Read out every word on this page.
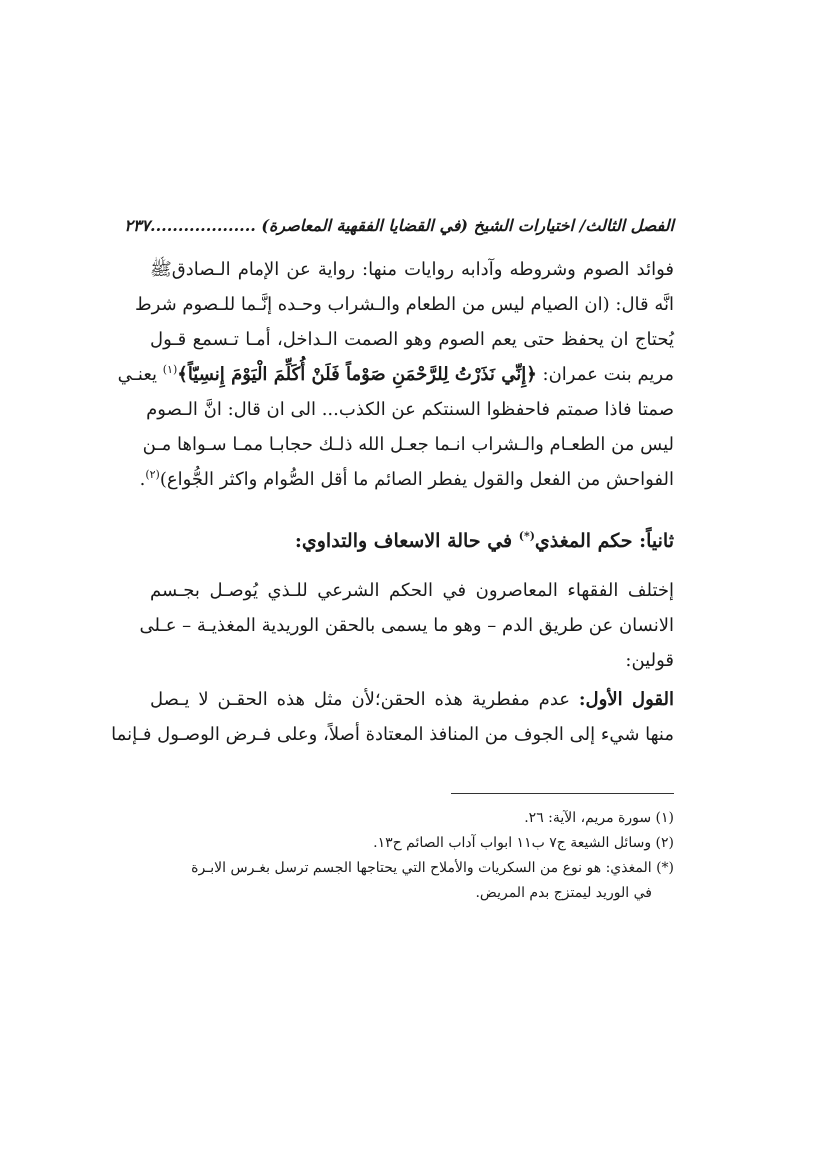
الفصل الثالث/ اختيارات الشيخ (في القضايا الفقهية المعاصرة) ...................
٢٣٧
فوائد الصوم وشروطه وآدابه روايات منها: رواية عن الإمام الـصادقﷺ
انَّه قال: (ان الصيام ليس من الطعام والـشراب وحـده إنَّـما للـصوم شرط
يُحتاج ان يحفظ حتى يعم الصوم وهو الصمت الـداخل، أمـا تـسمع قـول
مريم بنت عمران: ﴿إِنِّي نَذَرْتُ لِلرَّحْمَنِ صَوْماً فَلَنْ أُكَلِّمَ الْيَوْمَ إِنسِيّاً﴾$^{(١)}$ يعنـي
صمتا فاذا صمتم فاحفظوا السنتكم عن الكذب... الى ان قال: انَّ الـصوم
ليس من الطعـام والـشراب انـما جعـل الله ذلـك حجابـا ممـا سـواها مـن
الفواحش من الفعل والقول يفطر الصائم ما أقل الصُّوام واكثر الجُّواع)$^{(٢)}$.
ثانياً: حكم المغذي(*) في حالة الاسعاف والتداوي:
إختلف الفقهاء المعاصرون في الحكم الشرعي للـذي يُوصـل بجـسم
الانسان عن طريق الدم – وهو ما يسمى بالحقن الوريدية المغذيـة – عـلى
قولين:
القول الأول: عدم مفطرية هذه الحقن؛لأن مثل هذه الحقـن لا يـصل
منها شيء إلى الجوف من المنافذ المعتادة أصلاً، وعلى فـرض الوصـول فـإنما
(١) سورة مريم، الآية: ٢٦.
(٢) وسائل الشيعة ج٧ ب١١ ابواب آداب الصائم ح١٣.
(*) المغذي: هو نوع من السكريات والأملاح التي يحتاجها الجسم ترسل بغـرس الابـرة
في الوريد ليمتزج بدم المريض.
